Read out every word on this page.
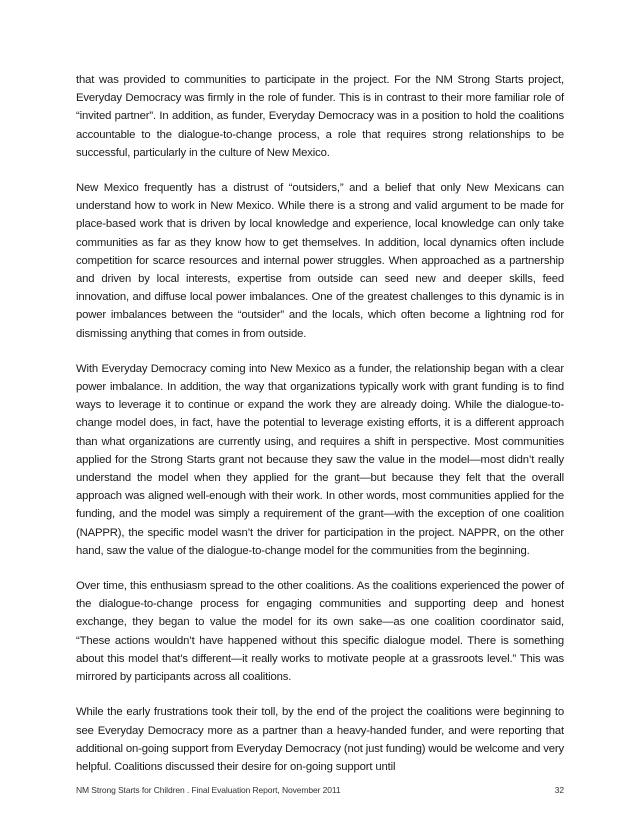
that was provided to communities to participate in the project. For the NM Strong Starts project, Everyday Democracy was firmly in the role of funder. This is in contrast to their more familiar role of “invited partner”. In addition, as funder, Everyday Democracy was in a position to hold the coalitions accountable to the dialogue-to-change process, a role that requires strong relationships to be successful, particularly in the culture of New Mexico.

New Mexico frequently has a distrust of “outsiders,” and a belief that only New Mexicans can understand how to work in New Mexico. While there is a strong and valid argument to be made for place-based work that is driven by local knowledge and experience, local knowledge can only take communities as far as they know how to get themselves. In addition, local dynamics often include competition for scarce resources and internal power struggles. When approached as a partnership and driven by local interests, expertise from outside can seed new and deeper skills, feed innovation, and diffuse local power imbalances. One of the greatest challenges to this dynamic is in power imbalances between the “outsider” and the locals, which often become a lightning rod for dismissing anything that comes in from outside.

With Everyday Democracy coming into New Mexico as a funder, the relationship began with a clear power imbalance. In addition, the way that organizations typically work with grant funding is to find ways to leverage it to continue or expand the work they are already doing. While the dialogue-to-change model does, in fact, have the potential to leverage existing efforts, it is a different approach than what organizations are currently using, and requires a shift in perspective. Most communities applied for the Strong Starts grant not because they saw the value in the model—most didn’t really understand the model when they applied for the grant—but because they felt that the overall approach was aligned well-enough with their work. In other words, most communities applied for the funding, and the model was simply a requirement of the grant—with the exception of one coalition (NAPPR), the specific model wasn’t the driver for participation in the project. NAPPR, on the other hand, saw the value of the dialogue-to-change model for the communities from the beginning.

Over time, this enthusiasm spread to the other coalitions. As the coalitions experienced the power of the dialogue-to-change process for engaging communities and supporting deep and honest exchange, they began to value the model for its own sake—as one coalition coordinator said, “These actions wouldn’t have happened without this specific dialogue model. There is something about this model that’s different—it really works to motivate people at a grassroots level.” This was mirrored by participants across all coalitions.

While the early frustrations took their toll, by the end of the project the coalitions were beginning to see Everyday Democracy more as a partner than a heavy-handed funder, and were reporting that additional on-going support from Everyday Democracy (not just funding) would be welcome and very helpful. Coalitions discussed their desire for on-going support until

NM Strong Starts for Children . Final Evaluation Report, November 2011	32
